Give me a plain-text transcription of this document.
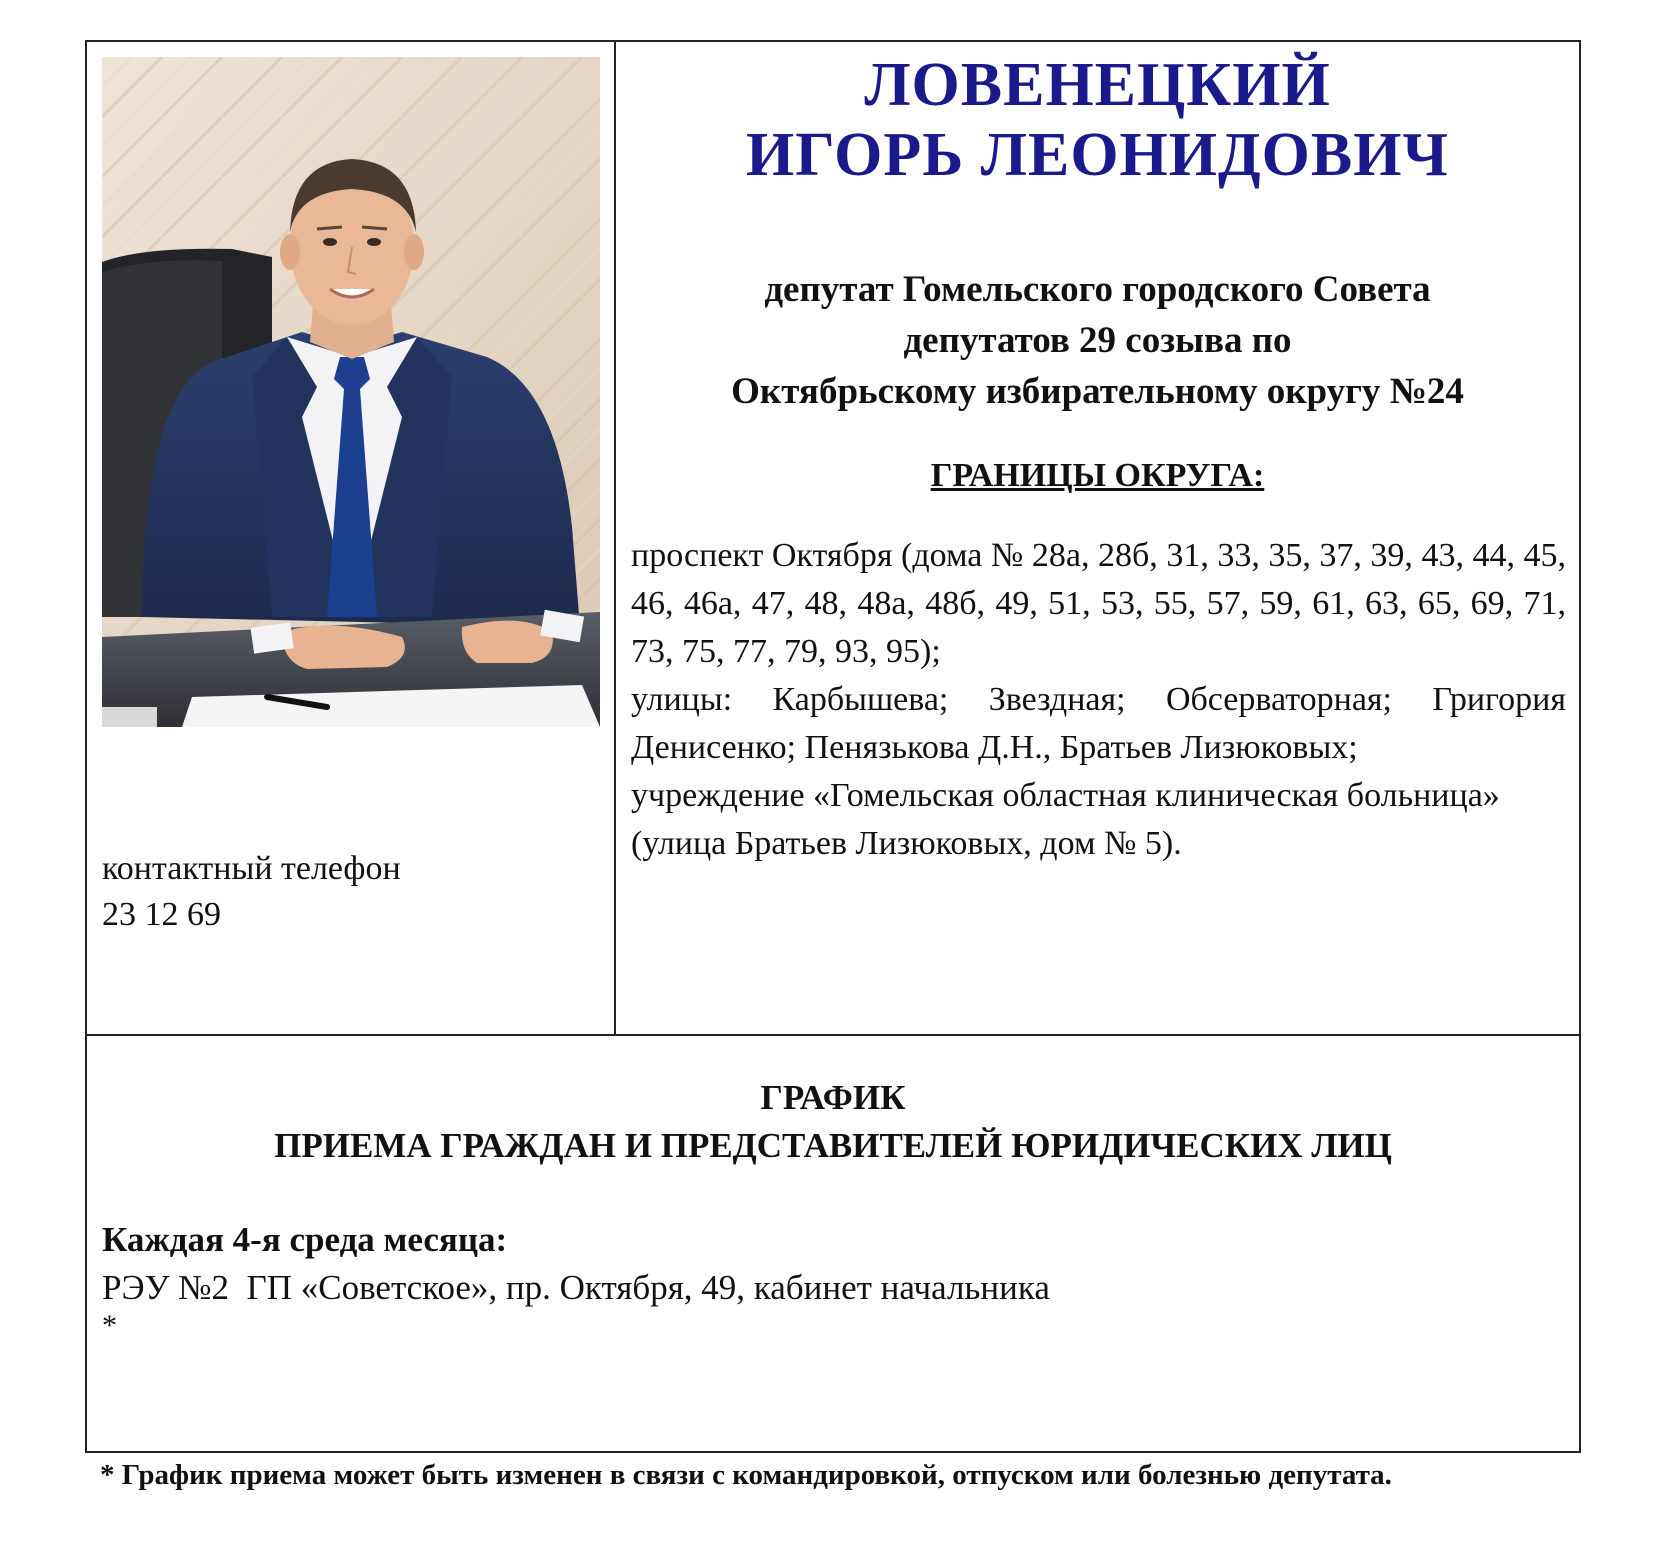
контактный телефон
23 12 69
ЛОВЕНЕЦКИЙ
ИГОРЬ ЛЕОНИДОВИЧ
депутат Гомельского городского Совета
депутатов 29 созыва по
Октябрьскому избирательному округу №24
ГРАНИЦЫ ОКРУГА:

проспект Октября (дома № 28а, 28б, 31, 33, 35, 37, 39, 43, 44, 45, 46, 46а, 47, 48, 48а, 48б, 49, 51, 53, 55, 57, 59, 61, 63, 65, 69, 71, 73, 75, 77, 79, 93, 95);

улицы: Карбышева; Звездная; Обсерваторная; Григория Денисенко; Пенязькова Д.Н., Братьев Лизюковых;

учреждение «Гомельская областная клиническая больница»

(улица Братьев Лизюковых, дом № 5).

ГРАФИК
ПРИЕМА ГРАЖДАН И ПРЕДСТАВИТЕЛЕЙ ЮРИДИЧЕСКИХ ЛИЦ
Каждая 4-я среда месяца:
РЭУ №2  ГП «Советское», пр. Октября, 49, кабинет начальника
*
* График приема может быть изменен в связи с командировкой, отпуском или болезнью депутата.
